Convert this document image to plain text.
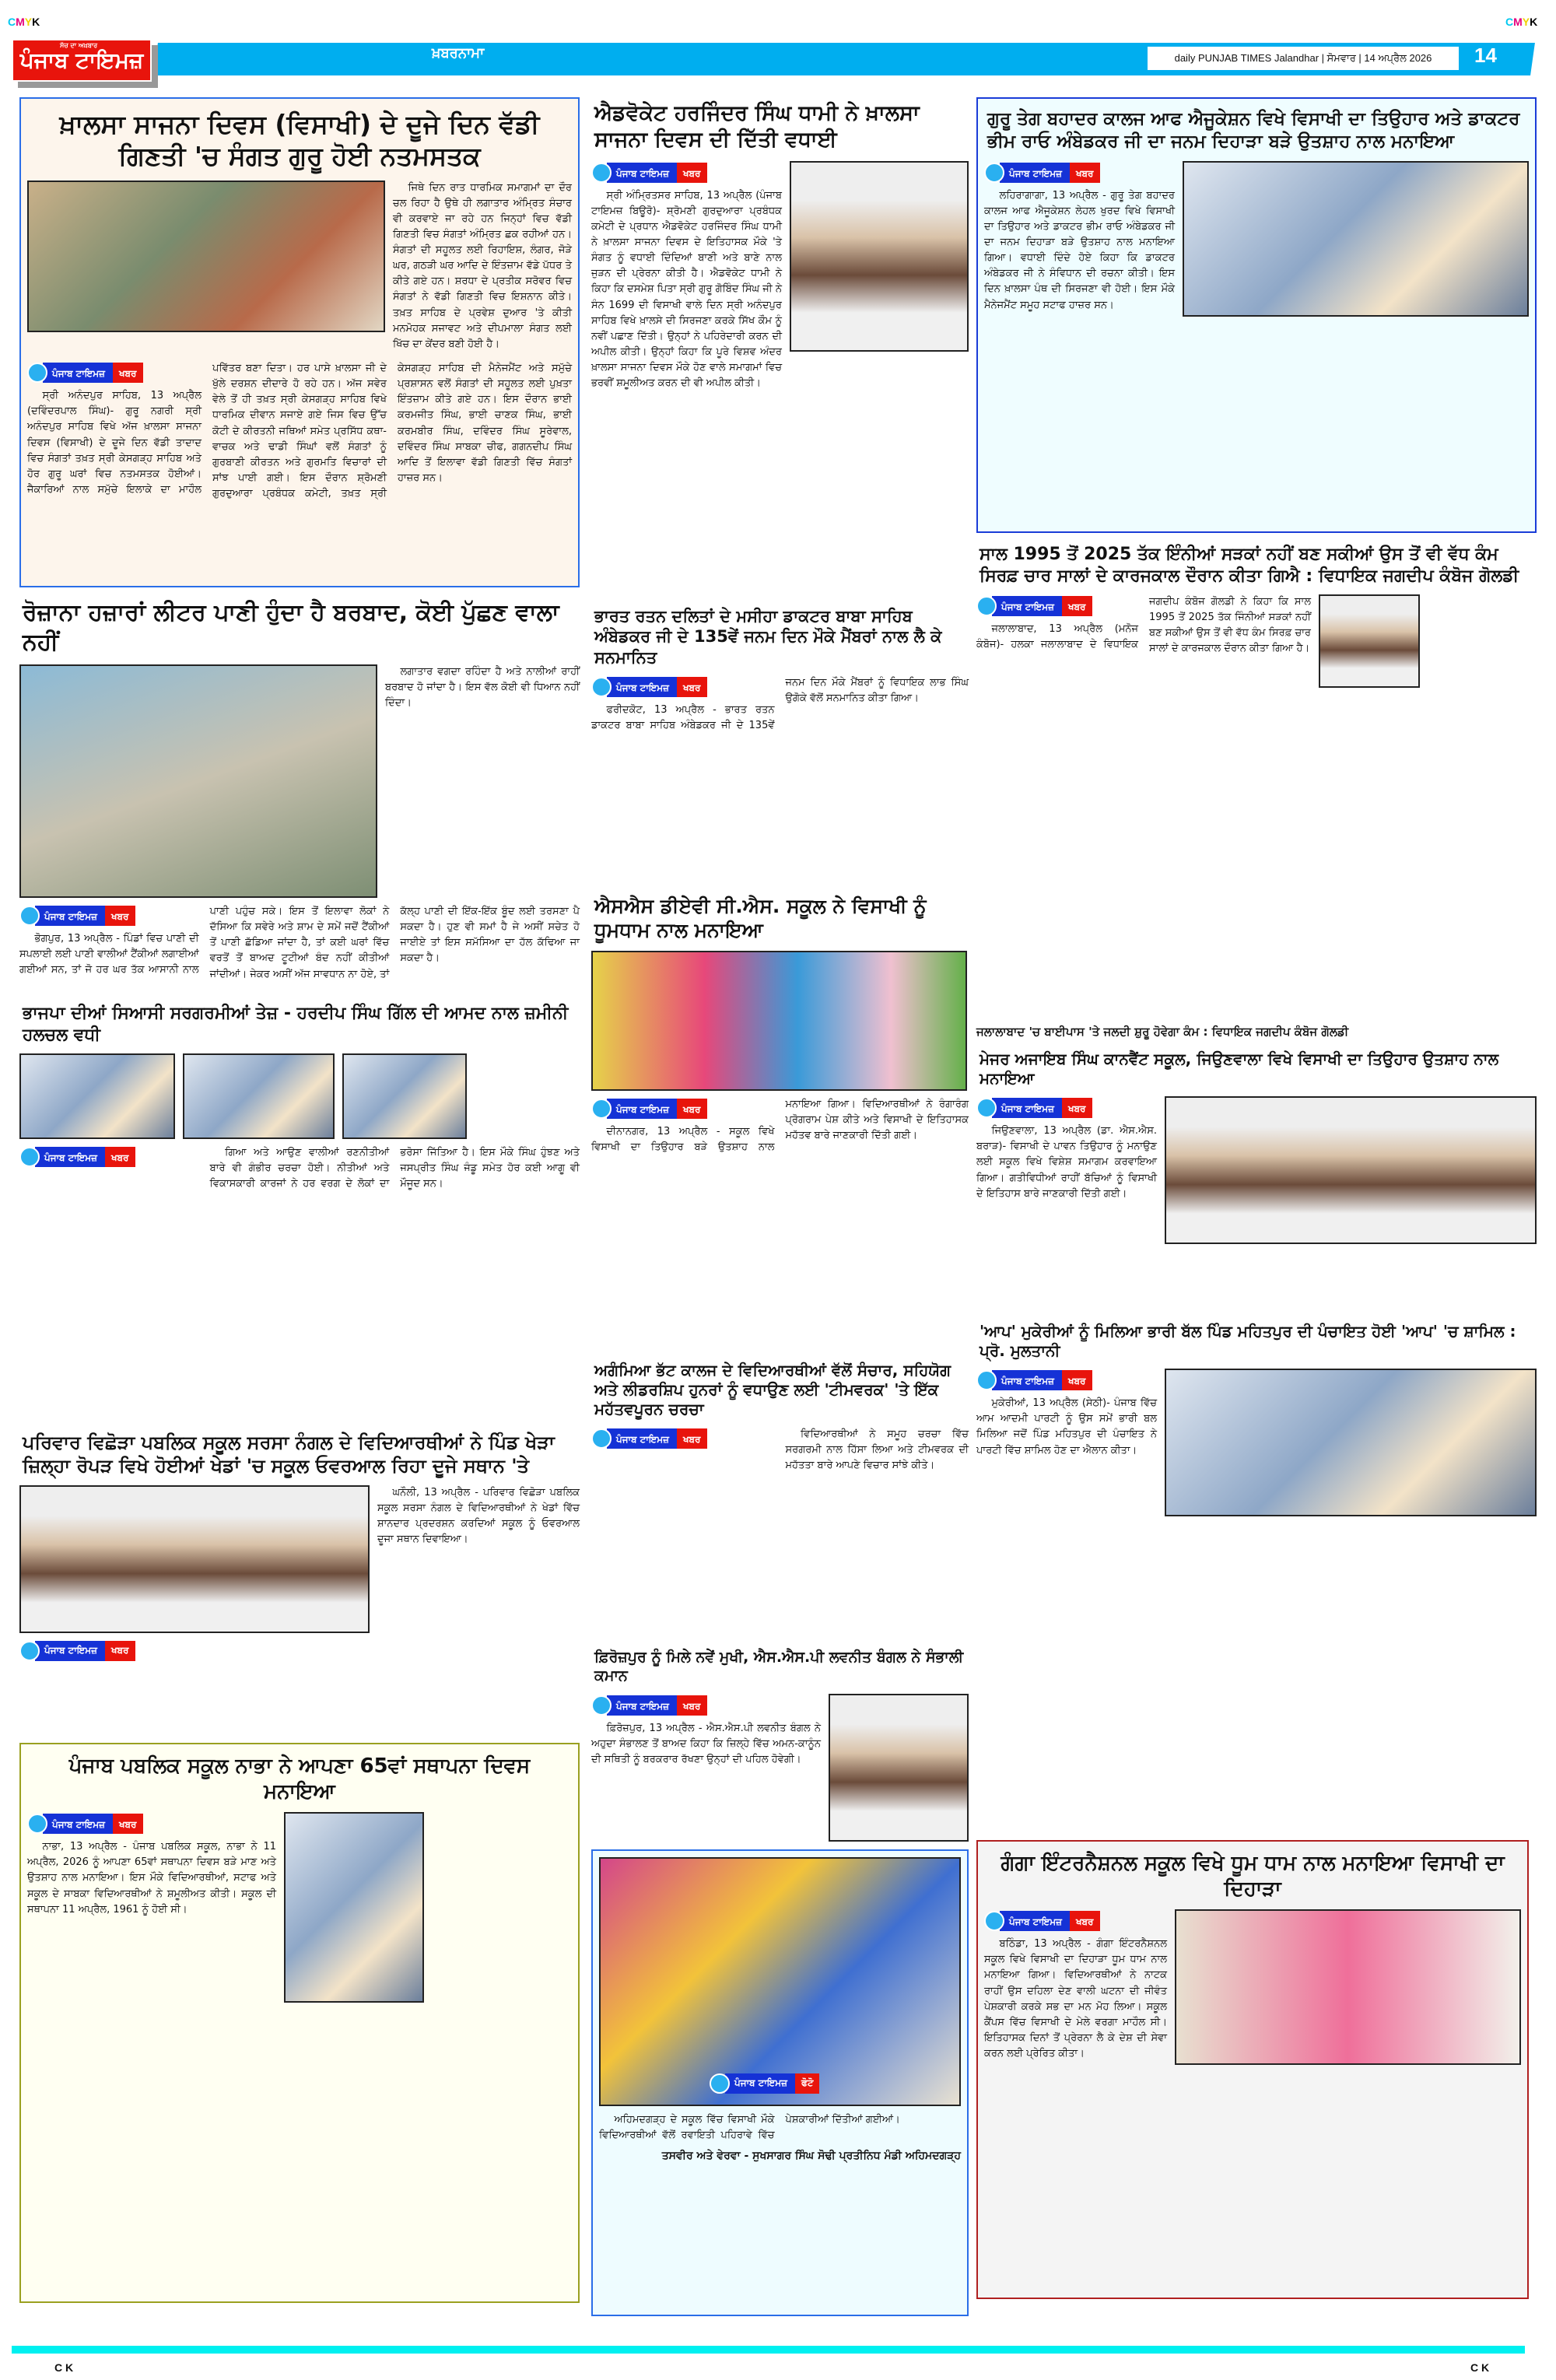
CMYK	CMYK
ਸੱਚ ਦਾ ਅਖ਼ਬਾਰ
ਪੰਜਾਬ ਟਾਇਮਜ਼	ਖ਼ਬਰਨਾਮਾ	daily PUNJAB TIMES Jalandhar | ਸੋਮਵਾਰ | 14 ਅਪ੍ਰੈਲ 2026	14
ਖ਼ਾਲਸਾ ਸਾਜਨਾ ਦਿਵਸ (ਵਿਸਾਖੀ) ਦੇ ਦੂਜੇ ਦਿਨ ਵੱਡੀ ਗਿਣਤੀ 'ਚ ਸੰਗਤ ਗੁਰੂ ਹੋਈ ਨਤਮਸਤਕ

ਜਿਥੇ ਦਿਨ ਰਾਤ ਧਾਰਮਿਕ ਸਮਾਗਮਾਂ ਦਾ ਦੌਰ ਚਲ ਰਿਹਾ ਹੈ ਉਥੇ ਹੀ ਲਗਾਤਾਰ ਅੰਮ੍ਰਿਤ ਸੰਚਾਰ ਵੀ ਕਰਵਾਏ ਜਾ ਰਹੇ ਹਨ ਜਿਨ੍ਹਾਂ ਵਿਚ ਵੱਡੀ ਗਿਣਤੀ ਵਿਚ ਸੰਗਤਾਂ ਅੰਮ੍ਰਿਤ ਛਕ ਰਹੀਆਂ ਹਨ। ਸੰਗਤਾਂ ਦੀ ਸਹੂਲਤ ਲਈ ਰਿਹਾਇਸ਼, ਲੰਗਰ, ਜੋੜੇ ਘਰ, ਗਠੜੀ ਘਰ ਆਦਿ ਦੇ ਇੰਤਜ਼ਾਮ ਵੱਡੇ ਪੱਧਰ ਤੇ ਕੀਤੇ ਗਏ ਹਨ। ਸ਼ਰਧਾ ਦੇ ਪ੍ਰਤੀਕ ਸਰੋਵਰ ਵਿਚ ਸੰਗਤਾਂ ਨੇ ਵੱਡੀ ਗਿਣਤੀ ਵਿਚ ਇਸ਼ਨਾਨ ਕੀਤੇ। ਤਖ਼ਤ ਸਾਹਿਬ ਦੇ ਪ੍ਰਵੇਸ਼ ਦੁਆਰ 'ਤੇ ਕੀਤੀ ਮਨਮੋਹਕ ਸਜਾਵਟ ਅਤੇ ਦੀਪਮਾਲਾ ਸੰਗਤ ਲਈ ਖਿੱਚ ਦਾ ਕੇਂਦਰ ਬਣੀ ਹੋਈ ਹੈ।

ਪੰਜਾਬ ਟਾਇਮਜ਼	ਖਬਰ

ਸ੍ਰੀ ਅਨੰਦਪੁਰ ਸਾਹਿਬ, 13 ਅਪ੍ਰੈਲ (ਦਵਿੰਦਰਪਾਲ ਸਿੰਘ)- ਗੁਰੂ ਨਗਰੀ ਸ੍ਰੀ ਅਨੰਦਪੁਰ ਸਾਹਿਬ ਵਿਖੇ ਅੱਜ ਖ਼ਾਲਸਾ ਸਾਜਨਾ ਦਿਵਸ (ਵਿਸਾਖੀ) ਦੇ ਦੂਜੇ ਦਿਨ ਵੱਡੀ ਤਾਦਾਦ ਵਿਚ ਸੰਗਤਾਂ ਤਖ਼ਤ ਸ੍ਰੀ ਕੇਸਗੜ੍ਹ ਸਾਹਿਬ ਅਤੇ ਹੋਰ ਗੁਰੂ ਘਰਾਂ ਵਿਚ ਨਤਮਸਤਕ ਹੋਈਆਂ। ਜੈਕਾਰਿਆਂ ਨਾਲ ਸਮੁੱਚੇ ਇਲਾਕੇ ਦਾ ਮਾਹੌਲ ਪਵਿੱਤਰ ਬਣਾ ਦਿਤਾ। ਹਰ ਪਾਸੇ ਖ਼ਾਲਸਾ ਜੀ ਦੇ ਖੁੱਲੇ ਦਰਸ਼ਨ ਦੀਦਾਰੇ ਹੋ ਰਹੇ ਹਨ। ਅੱਜ ਸਵੇਰ ਵੇਲੇ ਤੋਂ ਹੀ ਤਖ਼ਤ ਸ੍ਰੀ ਕੇਸਗੜ੍ਹ ਸਾਹਿਬ ਵਿਖੇ ਧਾਰਮਿਕ ਦੀਵਾਨ ਸਜਾਏ ਗਏ ਜਿਸ ਵਿਚ ਉੱਚ ਕੋਟੀ ਦੇ ਕੀਰਤਨੀ ਜਥਿਆਂ ਸਮੇਤ ਪ੍ਰਸਿੱਧ ਕਥਾ-ਵਾਚਕ ਅਤੇ ਢਾਡੀ ਸਿੰਘਾਂ ਵਲੋਂ ਸੰਗਤਾਂ ਨੂੰ ਗੁਰਬਾਣੀ ਕੀਰਤਨ ਅਤੇ ਗੁਰਮਤਿ ਵਿਚਾਰਾਂ ਦੀ ਸਾਂਝ ਪਾਈ ਗਈ। ਇਸ ਦੌਰਾਨ ਸ਼੍ਰੋਮਣੀ ਗੁਰਦੁਆਰਾ ਪ੍ਰਬੰਧਕ ਕਮੇਟੀ, ਤਖ਼ਤ ਸ੍ਰੀ ਕੇਸਗੜ੍ਹ ਸਾਹਿਬ ਦੀ ਮੈਨੇਜਮੈਂਟ ਅਤੇ ਸਮੁੱਚੇ ਪ੍ਰਸ਼ਾਸਨ ਵਲੋਂ ਸੰਗਤਾਂ ਦੀ ਸਹੂਲਤ ਲਈ ਪੁਖ਼ਤਾ ਇੰਤਜ਼ਾਮ ਕੀਤੇ ਗਏ ਹਨ। ਇਸ ਦੌਰਾਨ ਭਾਈ ਕਰਮਜੀਤ ਸਿੰਘ, ਭਾਈ ਚਾਣਕ ਸਿੰਘ, ਭਾਈ ਕਰਮਬੀਰ ਸਿੰਘ, ਦਵਿੰਦਰ ਸਿੰਘ ਸੂਰੇਵਾਲ, ਦਵਿੰਦਰ ਸਿੰਘ ਸਾਬਕਾ ਚੀਫ, ਗਗਨਦੀਪ ਸਿੰਘ ਆਦਿ ਤੋਂ ਇਲਾਵਾ ਵੱਡੀ ਗਿਣਤੀ ਵਿੱਚ ਸੰਗਤਾਂ ਹਾਜ਼ਰ ਸਨ।

ਰੋਜ਼ਾਨਾ ਹਜ਼ਾਰਾਂ ਲੀਟਰ ਪਾਣੀ ਹੁੰਦਾ ਹੈ ਬਰਬਾਦ, ਕੋਈ ਪੁੱਛਣ ਵਾਲਾ ਨਹੀਂ

ਲਗਾਤਾਰ ਵਗਦਾ ਰਹਿੰਦਾ ਹੈ ਅਤੇ ਨਾਲੀਆਂ ਰਾਹੀਂ ਬਰਬਾਦ ਹੋ ਜਾਂਦਾ ਹੈ। ਇਸ ਵੱਲ ਕੋਈ ਵੀ ਧਿਆਨ ਨਹੀਂ ਦਿੰਦਾ।

ਪੰਜਾਬ ਟਾਇਮਜ਼	ਖਬਰ

ਭੋਗਪੁਰ, 13 ਅਪ੍ਰੈਲ - ਪਿੰਡਾਂ ਵਿਚ ਪਾਣੀ ਦੀ ਸਪਲਾਈ ਲਈ ਪਾਣੀ ਵਾਲੀਆਂ ਟੈਂਕੀਆਂ ਲਗਾਈਆਂ ਗਈਆਂ ਸਨ, ਤਾਂ ਜੋ ਹਰ ਘਰ ਤੱਕ ਆਸਾਨੀ ਨਾਲ ਪਾਣੀ ਪਹੁੰਚ ਸਕੇ। ਇਸ ਤੋਂ ਇਲਾਵਾ ਲੋਕਾਂ ਨੇ ਦੱਸਿਆ ਕਿ ਸਵੇਰੇ ਅਤੇ ਸ਼ਾਮ ਦੇ ਸਮੇਂ ਜਦੋਂ ਟੈਂਕੀਆਂ ਤੋਂ ਪਾਣੀ ਛੱਡਿਆ ਜਾਂਦਾ ਹੈ, ਤਾਂ ਕਈ ਘਰਾਂ ਵਿੱਚ ਵਰਤੋਂ ਤੋਂ ਬਾਅਦ ਟੂਟੀਆਂ ਬੰਦ ਨਹੀਂ ਕੀਤੀਆਂ ਜਾਂਦੀਆਂ। ਜੇਕਰ ਅਸੀਂ ਅੱਜ ਸਾਵਧਾਨ ਨਾ ਹੋਏ, ਤਾਂ ਕੱਲ੍ਹ ਪਾਣੀ ਦੀ ਇੱਕ-ਇੱਕ ਬੂੰਦ ਲਈ ਤਰਸਣਾ ਪੈ ਸਕਦਾ ਹੈ। ਹੁਣ ਵੀ ਸਮਾਂ ਹੈ ਜੇ ਅਸੀਂ ਸਚੇਤ ਹੋ ਜਾਈਏ ਤਾਂ ਇਸ ਸਮੱਸਿਆ ਦਾ ਹੱਲ ਕੱਢਿਆ ਜਾ ਸਕਦਾ ਹੈ।

ਭਾਜਪਾ ਦੀਆਂ ਸਿਆਸੀ ਸਰਗਰਮੀਆਂ ਤੇਜ਼ - ਹਰਦੀਪ ਸਿੰਘ ਗਿੱਲ ਦੀ ਆਮਦ ਨਾਲ ਜ਼ਮੀਨੀ ਹਲਚਲ ਵਧੀ
ਪੰਜਾਬ ਟਾਇਮਜ਼	ਖਬਰ	ਗਿਆ ਅਤੇ ਆਉਣ ਵਾਲੀਆਂ ਰਣਨੀਤੀਆਂ ਬਾਰੇ ਵੀ ਗੰਭੀਰ ਚਰਚਾ ਹੋਈ। ਨੀਤੀਆਂ ਅਤੇ ਵਿਕਾਸਕਾਰੀ ਕਾਰਜਾਂ ਨੇ ਹਰ ਵਰਗ ਦੇ ਲੋਕਾਂ ਦਾ ਭਰੋਸਾ ਜਿੱਤਿਆ ਹੈ। ਇਸ ਮੌਕੇ ਸਿੰਘ ਹੁੰਝਣ ਅਤੇ ਜਸਪ੍ਰੀਤ ਸਿੰਘ ਜੰਡੂ ਸਮੇਤ ਹੋਰ ਕਈ ਆਗੂ ਵੀ ਮੌਜੂਦ ਸਨ।

ਪਰਿਵਾਰ ਵਿਛੋੜਾ ਪਬਲਿਕ ਸਕੂਲ ਸਰਸਾ ਨੰਗਲ ਦੇ ਵਿਦਿਆਰਥੀਆਂ ਨੇ ਪਿੰਡ ਖੇੜਾ ਜ਼ਿਲ੍ਹਾ ਰੋਪੜ ਵਿਖੇ ਹੋਈਆਂ ਖੇਡਾਂ 'ਚ ਸਕੂਲ ਓਵਰਆਲ ਰਿਹਾ ਦੂਜੇ ਸਥਾਨ 'ਤੇ

ਘਨੌਲੀ, 13 ਅਪ੍ਰੈਲ - ਪਰਿਵਾਰ ਵਿਛੋੜਾ ਪਬਲਿਕ ਸਕੂਲ ਸਰਸਾ ਨੰਗਲ ਦੇ ਵਿਦਿਆਰਥੀਆਂ ਨੇ ਖੇਡਾਂ ਵਿੱਚ ਸ਼ਾਨਦਾਰ ਪ੍ਰਦਰਸ਼ਨ ਕਰਦਿਆਂ ਸਕੂਲ ਨੂੰ ਓਵਰਆਲ ਦੂਜਾ ਸਥਾਨ ਦਿਵਾਇਆ।

ਪੰਜਾਬ ਟਾਇਮਜ਼	ਖਬਰ
ਪੰਜਾਬ ਪਬਲਿਕ ਸਕੂਲ ਨਾਭਾ ਨੇ ਆਪਣਾ 65ਵਾਂ ਸਥਾਪਨਾ ਦਿਵਸ ਮਨਾਇਆ
ਪੰਜਾਬ ਟਾਇਮਜ਼	ਖਬਰ

ਨਾਭਾ, 13 ਅਪ੍ਰੈਲ - ਪੰਜਾਬ ਪਬਲਿਕ ਸਕੂਲ, ਨਾਭਾ ਨੇ 11 ਅਪ੍ਰੈਲ, 2026 ਨੂੰ ਆਪਣਾ 65ਵਾਂ ਸਥਾਪਨਾ ਦਿਵਸ ਬੜੇ ਮਾਣ ਅਤੇ ਉਤਸ਼ਾਹ ਨਾਲ ਮਨਾਇਆ। ਇਸ ਮੌਕੇ ਵਿਦਿਆਰਥੀਆਂ, ਸਟਾਫ ਅਤੇ ਸਕੂਲ ਦੇ ਸਾਬਕਾ ਵਿਦਿਆਰਥੀਆਂ ਨੇ ਸ਼ਮੂਲੀਅਤ ਕੀਤੀ। ਸਕੂਲ ਦੀ ਸਥਾਪਨਾ 11 ਅਪ੍ਰੈਲ, 1961 ਨੂੰ ਹੋਈ ਸੀ।

ਐਡਵੋਕੇਟ ਹਰਜਿੰਦਰ ਸਿੰਘ ਧਾਮੀ ਨੇ ਖ਼ਾਲਸਾ ਸਾਜਨਾ ਦਿਵਸ ਦੀ ਦਿੱਤੀ ਵਧਾਈ
ਪੰਜਾਬ ਟਾਇਮਜ਼	ਖਬਰ

ਸ੍ਰੀ ਅੰਮ੍ਰਿਤਸਰ ਸਾਹਿਬ, 13 ਅਪ੍ਰੈਲ (ਪੰਜਾਬ ਟਾਇਮਜ਼ ਬਿਊਰੋ)- ਸ਼੍ਰੋਮਣੀ ਗੁਰਦੁਆਰਾ ਪ੍ਰਬੰਧਕ ਕਮੇਟੀ ਦੇ ਪ੍ਰਧਾਨ ਐਡਵੋਕੇਟ ਹਰਜਿੰਦਰ ਸਿੰਘ ਧਾਮੀ ਨੇ ਖ਼ਾਲਸਾ ਸਾਜਨਾ ਦਿਵਸ ਦੇ ਇਤਿਹਾਸਕ ਮੌਕੇ 'ਤੇ ਸੰਗਤ ਨੂੰ ਵਧਾਈ ਦਿੰਦਿਆਂ ਬਾਣੀ ਅਤੇ ਬਾਣੇ ਨਾਲ ਜੁੜਨ ਦੀ ਪ੍ਰੇਰਨਾ ਕੀਤੀ ਹੈ। ਐਡਵੋਕੇਟ ਧਾਮੀ ਨੇ ਕਿਹਾ ਕਿ ਦਸਮੇਸ਼ ਪਿਤਾ ਸ੍ਰੀ ਗੁਰੂ ਗੋਬਿੰਦ ਸਿੰਘ ਜੀ ਨੇ ਸੰਨ 1699 ਦੀ ਵਿਸਾਖੀ ਵਾਲੇ ਦਿਨ ਸ੍ਰੀ ਅਨੰਦਪੁਰ ਸਾਹਿਬ ਵਿਖੇ ਖ਼ਾਲਸੇ ਦੀ ਸਿਰਜਣਾ ਕਰਕੇ ਸਿੱਖ ਕੌਮ ਨੂੰ ਨਵੀਂ ਪਛਾਣ ਦਿੱਤੀ। ਉਨ੍ਹਾਂ ਨੇ ਪਹਿਰੇਦਾਰੀ ਕਰਨ ਦੀ ਅਪੀਲ ਕੀਤੀ। ਉਨ੍ਹਾਂ ਕਿਹਾ ਕਿ ਪੂਰੇ ਵਿਸ਼ਵ ਅੰਦਰ ਖ਼ਾਲਸਾ ਸਾਜਨਾ ਦਿਵਸ ਮੌਕੇ ਹੋਣ ਵਾਲੇ ਸਮਾਗਮਾਂ ਵਿਚ ਭਰਵੀਂ ਸ਼ਮੂਲੀਅਤ ਕਰਨ ਦੀ ਵੀ ਅਪੀਲ ਕੀਤੀ।

ਭਾਰਤ ਰਤਨ ਦਲਿਤਾਂ ਦੇ ਮਸੀਹਾ ਡਾਕਟਰ ਬਾਬਾ ਸਾਹਿਬ ਅੰਬੇਡਕਰ ਜੀ ਦੇ 135ਵੇਂ ਜਨਮ ਦਿਨ ਮੌਕੇ ਮੈਂਬਰਾਂ ਨਾਲ ਲੈ ਕੇ ਸਨਮਾਨਿਤ
ਪੰਜਾਬ ਟਾਇਮਜ਼	ਖਬਰ

ਫਰੀਦਕੋਟ, 13 ਅਪ੍ਰੈਲ - ਭਾਰਤ ਰਤਨ ਡਾਕਟਰ ਬਾਬਾ ਸਾਹਿਬ ਅੰਬੇਡਕਰ ਜੀ ਦੇ 135ਵੇਂ ਜਨਮ ਦਿਨ ਮੌਕੇ ਮੈਂਬਰਾਂ ਨੂੰ ਵਿਧਾਇਕ ਲਾਭ ਸਿੰਘ ਉਗੋਕੇ ਵੱਲੋਂ ਸਨਮਾਨਿਤ ਕੀਤਾ ਗਿਆ।

ਐਸਐਸ ਡੀਏਵੀ ਸੀ.ਐਸ. ਸਕੂਲ ਨੇ ਵਿਸਾਖੀ ਨੂੰ ਧੂਮਧਾਮ ਨਾਲ ਮਨਾਇਆ
ਪੰਜਾਬ ਟਾਇਮਜ਼	ਖਬਰ

ਦੀਨਾਨਗਰ, 13 ਅਪ੍ਰੈਲ - ਸਕੂਲ ਵਿਖੇ ਵਿਸਾਖੀ ਦਾ ਤਿਉਹਾਰ ਬੜੇ ਉਤਸ਼ਾਹ ਨਾਲ ਮਨਾਇਆ ਗਿਆ। ਵਿਦਿਆਰਥੀਆਂ ਨੇ ਰੰਗਾਰੰਗ ਪ੍ਰੋਗਰਾਮ ਪੇਸ਼ ਕੀਤੇ ਅਤੇ ਵਿਸਾਖੀ ਦੇ ਇਤਿਹਾਸਕ ਮਹੱਤਵ ਬਾਰੇ ਜਾਣਕਾਰੀ ਦਿੱਤੀ ਗਈ।

ਅਗੰਮਿਆ ਭੱਟ ਕਾਲਜ ਦੇ ਵਿਦਿਆਰਥੀਆਂ ਵੱਲੋਂ ਸੰਚਾਰ, ਸਹਿਯੋਗ ਅਤੇ ਲੀਡਰਸ਼ਿਪ ਹੁਨਰਾਂ ਨੂੰ ਵਧਾਉਣ ਲਈ 'ਟੀਮਵਰਕ' 'ਤੇ ਇੱਕ ਮਹੱਤਵਪੂਰਨ ਚਰਚਾ
ਪੰਜਾਬ ਟਾਇਮਜ਼	ਖਬਰ	ਵਿਦਿਆਰਥੀਆਂ ਨੇ ਸਮੂਹ ਚਰਚਾ ਵਿੱਚ ਸਰਗਰਮੀ ਨਾਲ ਹਿੱਸਾ ਲਿਆ ਅਤੇ ਟੀਮਵਰਕ ਦੀ ਮਹੱਤਤਾ ਬਾਰੇ ਆਪਣੇ ਵਿਚਾਰ ਸਾਂਝੇ ਕੀਤੇ।

ਫ਼ਿਰੋਜ਼ਪੁਰ ਨੂੰ ਮਿਲੇ ਨਵੇਂ ਮੁਖੀ, ਐਸ.ਐਸ.ਪੀ ਲਵਨੀਤ ਬੰਗਲ ਨੇ ਸੰਭਾਲੀ ਕਮਾਨ
ਪੰਜਾਬ ਟਾਇਮਜ਼	ਖਬਰ

ਫ਼ਿਰੋਜ਼ਪੁਰ, 13 ਅਪ੍ਰੈਲ - ਐਸ.ਐਸ.ਪੀ ਲਵਨੀਤ ਬੰਗਲ ਨੇ ਅਹੁਦਾ ਸੰਭਾਲਣ ਤੋਂ ਬਾਅਦ ਕਿਹਾ ਕਿ ਜ਼ਿਲ੍ਹੇ ਵਿੱਚ ਅਮਨ-ਕਾਨੂੰਨ ਦੀ ਸਥਿਤੀ ਨੂੰ ਬਰਕਰਾਰ ਰੱਖਣਾ ਉਨ੍ਹਾਂ ਦੀ ਪਹਿਲ ਹੋਵੇਗੀ।

ਪੰਜਾਬ ਟਾਇਮਜ਼	ਫੋਟੋ

ਅਹਿਮਦਗੜ੍ਹ ਦੇ ਸਕੂਲ ਵਿੱਚ ਵਿਸਾਖੀ ਮੌਕੇ ਵਿਦਿਆਰਥੀਆਂ ਵੱਲੋਂ ਰਵਾਇਤੀ ਪਹਿਰਾਵੇ ਵਿੱਚ ਪੇਸ਼ਕਾਰੀਆਂ ਦਿੱਤੀਆਂ ਗਈਆਂ।

ਤਸਵੀਰ ਅਤੇ ਵੇਰਵਾ - ਸੁਖਸਾਗਰ ਸਿੰਘ ਸੋਢੀ ਪ੍ਰਤੀਨਿਧ ਮੰਡੀ ਅਹਿਮਦਗੜ੍ਹ
ਗੁਰੂ ਤੇਗ ਬਹਾਦਰ ਕਾਲਜ ਆਫ ਐਜੂਕੇਸ਼ਨ ਵਿਖੇ ਵਿਸਾਖੀ ਦਾ ਤਿਉਹਾਰ ਅਤੇ ਡਾਕਟਰ ਭੀਮ ਰਾਓ ਅੰਬੇਡਕਰ ਜੀ ਦਾ ਜਨਮ ਦਿਹਾੜਾ ਬੜੇ ਉਤਸ਼ਾਹ ਨਾਲ ਮਨਾਇਆ
ਪੰਜਾਬ ਟਾਇਮਜ਼	ਖਬਰ

ਲਹਿਰਾਗਾਗਾ, 13 ਅਪ੍ਰੈਲ - ਗੁਰੂ ਤੇਗ ਬਹਾਦਰ ਕਾਲਜ ਆਫ ਐਜੂਕੇਸ਼ਨ ਲੇਹਲ ਖੁਰਦ ਵਿਖੇ ਵਿਸਾਖੀ ਦਾ ਤਿਉਹਾਰ ਅਤੇ ਡਾਕਟਰ ਭੀਮ ਰਾਓ ਅੰਬੇਡਕਰ ਜੀ ਦਾ ਜਨਮ ਦਿਹਾੜਾ ਬੜੇ ਉਤਸ਼ਾਹ ਨਾਲ ਮਨਾਇਆ ਗਿਆ। ਵਧਾਈ ਦਿੰਦੇ ਹੋਏ ਕਿਹਾ ਕਿ ਡਾਕਟਰ ਅੰਬੇਡਕਰ ਜੀ ਨੇ ਸੰਵਿਧਾਨ ਦੀ ਰਚਨਾ ਕੀਤੀ। ਇਸ ਦਿਨ ਖ਼ਾਲਸਾ ਪੰਥ ਦੀ ਸਿਰਜਣਾ ਵੀ ਹੋਈ। ਇਸ ਮੌਕੇ ਮੈਨੇਜਮੈਂਟ ਸਮੂਹ ਸਟਾਫ ਹਾਜ਼ਰ ਸਨ।

ਸਾਲ 1995 ਤੋਂ 2025 ਤੱਕ ਇੰਨੀਆਂ ਸੜਕਾਂ ਨਹੀਂ ਬਣ ਸਕੀਆਂ ਉਸ ਤੋਂ ਵੀ ਵੱਧ ਕੰਮ ਸਿਰਫ਼ ਚਾਰ ਸਾਲਾਂ ਦੇ ਕਾਰਜਕਾਲ ਦੌਰਾਨ ਕੀਤਾ ਗਿਐ : ਵਿਧਾਇਕ ਜਗਦੀਪ ਕੰਬੋਜ ਗੋਲਡੀ
ਪੰਜਾਬ ਟਾਇਮਜ਼	ਖਬਰ

ਜਲਾਲਾਬਾਦ, 13 ਅਪ੍ਰੈਲ (ਮਨੋਜ ਕੰਬੋਜ)- ਹਲਕਾ ਜਲਾਲਾਬਾਦ ਦੇ ਵਿਧਾਇਕ ਜਗਦੀਪ ਕੰਬੋਜ ਗੋਲਡੀ ਨੇ ਕਿਹਾ ਕਿ ਸਾਲ 1995 ਤੋਂ 2025 ਤੱਕ ਜਿੰਨੀਆਂ ਸੜਕਾਂ ਨਹੀਂ ਬਣ ਸਕੀਆਂ ਉਸ ਤੋਂ ਵੀ ਵੱਧ ਕੰਮ ਸਿਰਫ਼ ਚਾਰ ਸਾਲਾਂ ਦੇ ਕਾਰਜਕਾਲ ਦੌਰਾਨ ਕੀਤਾ ਗਿਆ ਹੈ।

ਜਲਾਲਾਬਾਦ 'ਚ ਬਾਈਪਾਸ 'ਤੇ ਜਲਦੀ ਸ਼ੁਰੂ ਹੋਵੇਗਾ ਕੰਮ : ਵਿਧਾਇਕ ਜਗਦੀਪ ਕੰਬੋਜ ਗੋਲਡੀ
ਮੇਜਰ ਅਜਾਇਬ ਸਿੰਘ ਕਾਨਵੈਂਟ ਸਕੂਲ, ਜਿਉਣਵਾਲਾ ਵਿਖੇ ਵਿਸਾਖੀ ਦਾ ਤਿਉਹਾਰ ਉਤਸ਼ਾਹ ਨਾਲ ਮਨਾਇਆ
ਪੰਜਾਬ ਟਾਇਮਜ਼	ਖਬਰ

ਜਿਉਣਵਾਲਾ, 13 ਅਪ੍ਰੈਲ (ਡਾ. ਐਸ.ਐਸ. ਬਰਾੜ)- ਵਿਸਾਖੀ ਦੇ ਪਾਵਨ ਤਿਉਹਾਰ ਨੂੰ ਮਨਾਉਣ ਲਈ ਸਕੂਲ ਵਿਖੇ ਵਿਸ਼ੇਸ਼ ਸਮਾਗਮ ਕਰਵਾਇਆ ਗਿਆ। ਗਤੀਵਿਧੀਆਂ ਰਾਹੀਂ ਬੱਚਿਆਂ ਨੂੰ ਵਿਸਾਖੀ ਦੇ ਇਤਿਹਾਸ ਬਾਰੇ ਜਾਣਕਾਰੀ ਦਿੱਤੀ ਗਈ।

'ਆਪ' ਮੁਕੇਰੀਆਂ ਨੂੰ ਮਿਲਿਆ ਭਾਰੀ ਬੱਲ ਪਿੰਡ ਮਹਿਤਪੁਰ ਦੀ ਪੰਚਾਇਤ ਹੋਈ 'ਆਪ' 'ਚ ਸ਼ਾਮਿਲ : ਪ੍ਰੋ. ਮੁਲਤਾਨੀ
ਪੰਜਾਬ ਟਾਇਮਜ਼	ਖਬਰ

ਮੁਕੇਰੀਆਂ, 13 ਅਪ੍ਰੈਲ (ਸੇਠੀ)- ਪੰਜਾਬ ਵਿੱਚ ਆਮ ਆਦਮੀ ਪਾਰਟੀ ਨੂੰ ਉਸ ਸਮੇਂ ਭਾਰੀ ਬਲ ਮਿਲਿਆ ਜਦੋਂ ਪਿੰਡ ਮਹਿਤਪੁਰ ਦੀ ਪੰਚਾਇਤ ਨੇ ਪਾਰਟੀ ਵਿੱਚ ਸ਼ਾਮਿਲ ਹੋਣ ਦਾ ਐਲਾਨ ਕੀਤਾ।

ਗੰਗਾ ਇੰਟਰਨੈਸ਼ਨਲ ਸਕੂਲ ਵਿਖੇ ਧੂਮ ਧਾਮ ਨਾਲ ਮਨਾਇਆ ਵਿਸਾਖੀ ਦਾ ਦਿਹਾੜਾ
ਪੰਜਾਬ ਟਾਇਮਜ਼	ਖਬਰ

ਬਠਿੰਡਾ, 13 ਅਪ੍ਰੈਲ - ਗੰਗਾ ਇੰਟਰਨੈਸ਼ਨਲ ਸਕੂਲ ਵਿਖੇ ਵਿਸਾਖੀ ਦਾ ਦਿਹਾੜਾ ਧੂਮ ਧਾਮ ਨਾਲ ਮਨਾਇਆ ਗਿਆ। ਵਿਦਿਆਰਥੀਆਂ ਨੇ ਨਾਟਕ ਰਾਹੀਂ ਉਸ ਦਹਿਲਾ ਦੇਣ ਵਾਲੀ ਘਟਨਾ ਦੀ ਜੀਵੰਤ ਪੇਸ਼ਕਾਰੀ ਕਰਕੇ ਸਭ ਦਾ ਮਨ ਮੋਹ ਲਿਆ। ਸਕੂਲ ਕੈਂਪਸ ਵਿੱਚ ਵਿਸਾਖੀ ਦੇ ਮੇਲੇ ਵਰਗਾ ਮਾਹੌਲ ਸੀ। ਇਤਿਹਾਸਕ ਦਿਨਾਂ ਤੋਂ ਪ੍ਰੇਰਨਾ ਲੈ ਕੇ ਦੇਸ਼ ਦੀ ਸੇਵਾ ਕਰਨ ਲਈ ਪ੍ਰੇਰਿਤ ਕੀਤਾ।

C K	C K
